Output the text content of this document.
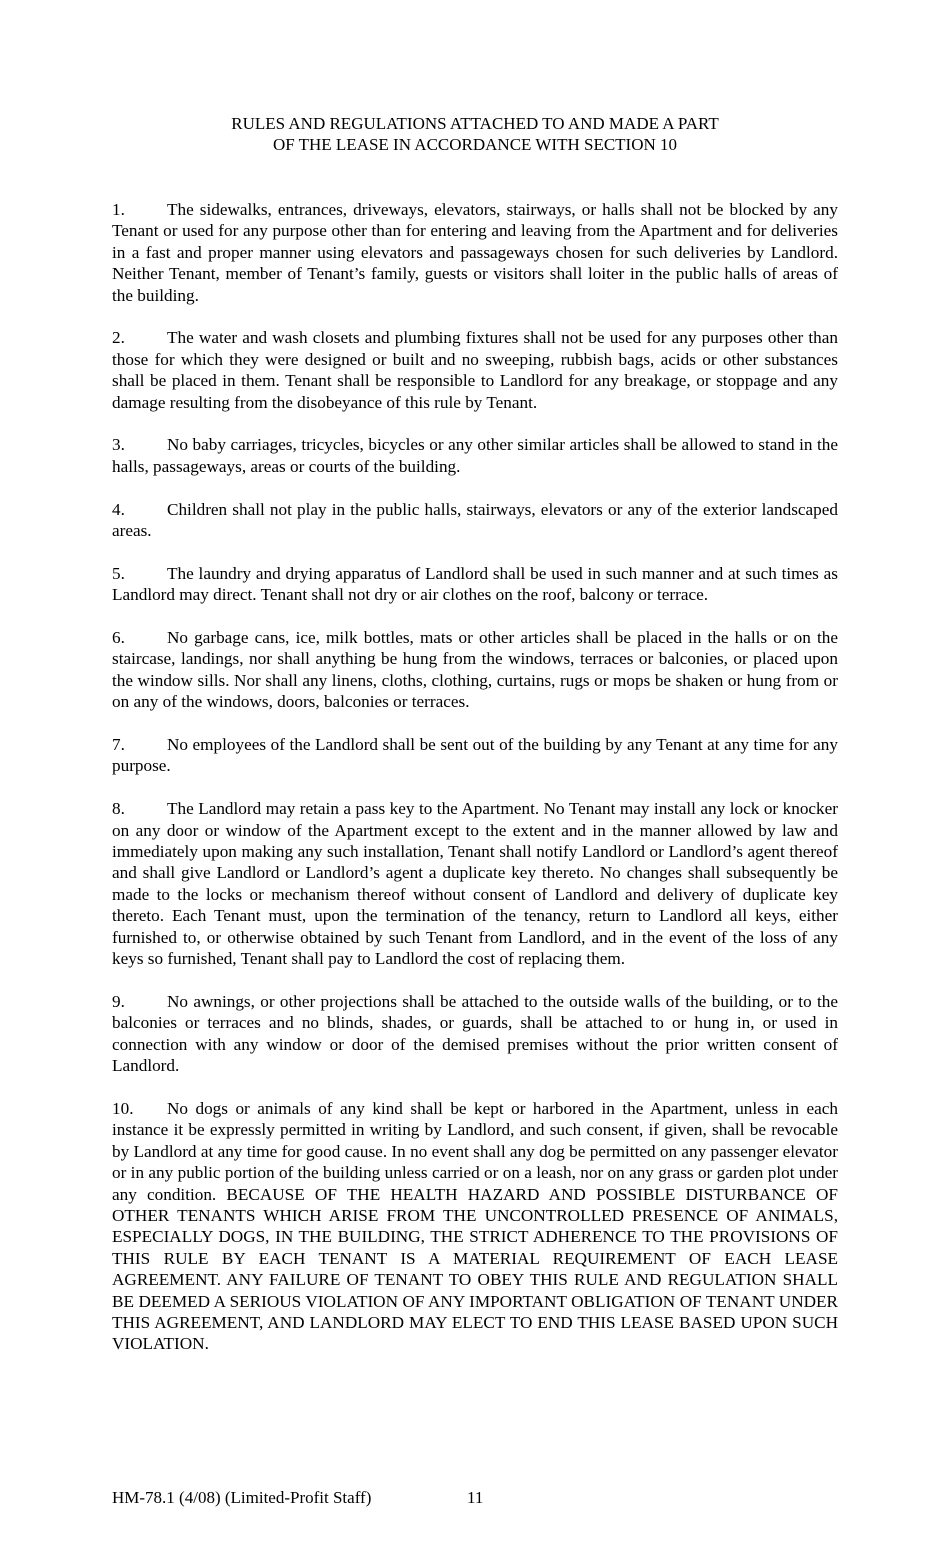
RULES AND REGULATIONS ATTACHED TO AND MADE A PART
OF THE LEASE IN ACCORDANCE WITH SECTION 10

1. The sidewalks, entrances, driveways, elevators, stairways, or halls shall not be blocked by any Tenant or used for any purpose other than for entering and leaving from the Apartment and for deliveries in a fast and proper manner using elevators and passageways chosen for such deliveries by Landlord. Neither Tenant, member of Tenant’s family, guests or visitors shall loiter in the public halls of areas of the building.

2. The water and wash closets and plumbing fixtures shall not be used for any purposes other than those for which they were designed or built and no sweeping, rubbish bags, acids or other substances shall be placed in them. Tenant shall be responsible to Landlord for any breakage, or stoppage and any damage resulting from the disobeyance of this rule by Tenant.

3. No baby carriages, tricycles, bicycles or any other similar articles shall be allowed to stand in the halls, passageways, areas or courts of the building.

4. Children shall not play in the public halls, stairways, elevators or any of the exterior landscaped areas.

5. The laundry and drying apparatus of Landlord shall be used in such manner and at such times as Landlord may direct. Tenant shall not dry or air clothes on the roof, balcony or terrace.

6. No garbage cans, ice, milk bottles, mats or other articles shall be placed in the halls or on the staircase, landings, nor shall anything be hung from the windows, terraces or balconies, or placed upon the window sills. Nor shall any linens, cloths, clothing, curtains, rugs or mops be shaken or hung from or on any of the windows, doors, balconies or terraces.

7. No employees of the Landlord shall be sent out of the building by any Tenant at any time for any purpose.

8. The Landlord may retain a pass key to the Apartment. No Tenant may install any lock or knocker on any door or window of the Apartment except to the extent and in the manner allowed by law and immediately upon making any such installation, Tenant shall notify Landlord or Landlord’s agent thereof and shall give Landlord or Landlord’s agent a duplicate key thereto. No changes shall subsequently be made to the locks or mechanism thereof without consent of Landlord and delivery of duplicate key thereto. Each Tenant must, upon the termination of the tenancy, return to Landlord all keys, either furnished to, or otherwise obtained by such Tenant from Landlord, and in the event of the loss of any keys so furnished, Tenant shall pay to Landlord the cost of replacing them.

9. No awnings, or other projections shall be attached to the outside walls of the building, or to the balconies or terraces and no blinds, shades, or guards, shall be attached to or hung in, or used in connection with any window or door of the demised premises without the prior written consent of Landlord.

10. No dogs or animals of any kind shall be kept or harbored in the Apartment, unless in each instance it be expressly permitted in writing by Landlord, and such consent, if given, shall be revocable by Landlord at any time for good cause. In no event shall any dog be permitted on any passenger elevator or in any public portion of the building unless carried or on a leash, nor on any grass or garden plot under any condition. BECAUSE OF THE HEALTH HAZARD AND POSSIBLE DISTURBANCE OF OTHER TENANTS WHICH ARISE FROM THE UNCONTROLLED PRESENCE OF ANIMALS, ESPECIALLY DOGS, IN THE BUILDING, THE STRICT ADHERENCE TO THE PROVISIONS OF THIS RULE BY EACH TENANT IS A MATERIAL REQUIREMENT OF EACH LEASE AGREEMENT. ANY FAILURE OF TENANT TO OBEY THIS RULE AND REGULATION SHALL BE DEEMED A SERIOUS VIOLATION OF ANY IMPORTANT OBLIGATION OF TENANT UNDER THIS AGREEMENT, AND LANDLORD MAY ELECT TO END THIS LEASE BASED UPON SUCH VIOLATION.

HM-78.1 (4/08) (Limited-Profit Staff)	11
